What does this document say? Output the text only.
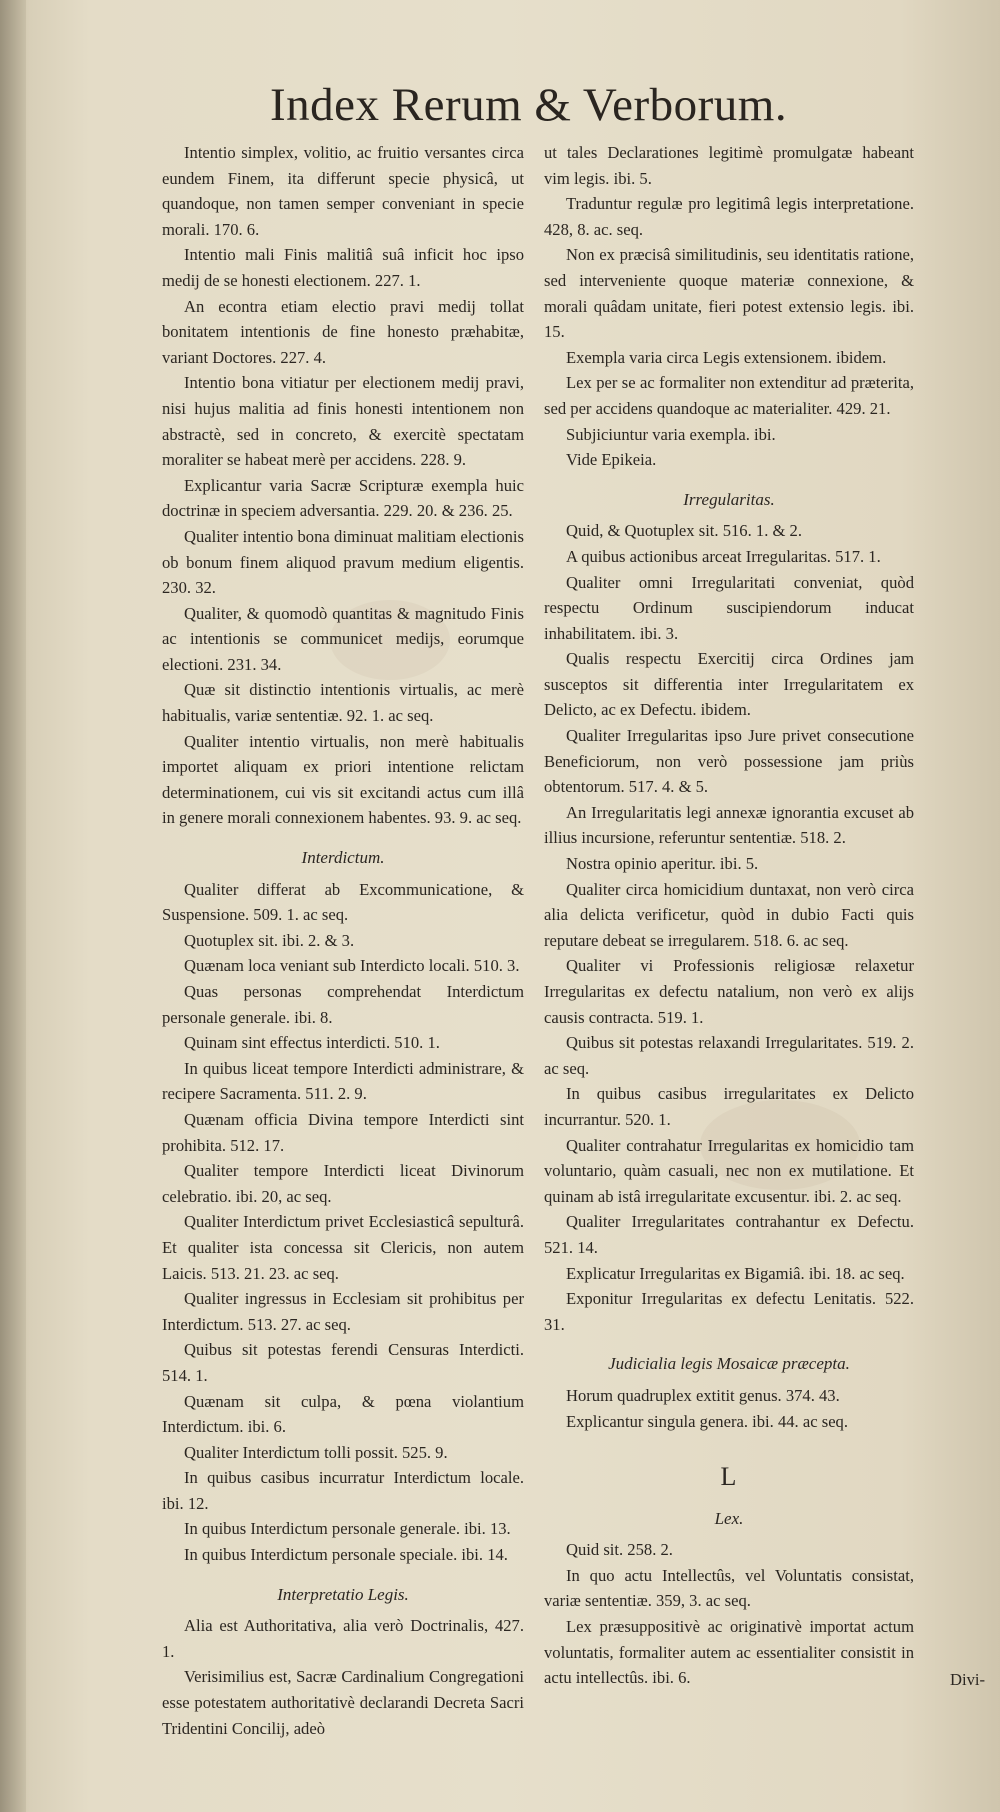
Index Rerum & Verborum.

Intentio simplex, volitio, ac fruitio versantes circa eundem Finem, ita differunt specie physicâ, ut quandoque, non tamen semper conveniant in specie morali. 170. 6.

Intentio mali Finis malitiâ suâ inficit hoc ipso medij de se honesti electionem. 227. 1.

An econtra etiam electio pravi medij tollat bonitatem intentionis de fine honesto præhabitæ, variant Doctores. 227. 4.

Intentio bona vitiatur per electionem medij pravi, nisi hujus malitia ad finis honesti intentionem non abstractè, sed in concreto, & exercitè spectatam moraliter se habeat merè per accidens. 228. 9.

Explicantur varia Sacræ Scripturæ exempla huic doctrinæ in speciem adversantia. 229. 20. & 236. 25.

Qualiter intentio bona diminuat malitiam electionis ob bonum finem aliquod pravum medium eligentis. 230. 32.

Qualiter, & quomodò quantitas & magnitudo Finis ac intentionis se communicet medijs, eorumque electioni. 231. 34.

Quæ sit distinctio intentionis virtualis, ac merè habitualis, variæ sententiæ. 92. 1. ac seq.

Qualiter intentio virtualis, non merè habitualis importet aliquam ex priori intentione relictam determinationem, cui vis sit excitandi actus cum illâ in genere morali connexionem habentes. 93. 9. ac seq.

Interdictum.

Qualiter differat ab Excommunicatione, & Suspensione. 509. 1. ac seq.

Quotuplex sit. ibi. 2. & 3.

Quænam loca veniant sub Interdicto locali. 510. 3.

Quas personas comprehendat Interdictum personale generale. ibi. 8.

Quinam sint effectus interdicti. 510. 1.

In quibus liceat tempore Interdicti administrare, & recipere Sacramenta. 511. 2. 9.

Quænam officia Divina tempore Interdicti sint prohibita. 512. 17.

Qualiter tempore Interdicti liceat Divinorum celebratio. ibi. 20, ac seq.

Qualiter Interdictum privet Ecclesiasticâ sepulturâ. Et qualiter ista concessa sit Clericis, non autem Laicis. 513. 21. 23. ac seq.

Qualiter ingressus in Ecclesiam sit prohibitus per Interdictum. 513. 27. ac seq.

Quibus sit potestas ferendi Censuras Interdicti. 514. 1.

Quænam sit culpa, & pœna violantium Interdictum. ibi. 6.

Qualiter Interdictum tolli possit. 525. 9.

In quibus casibus incurratur Interdictum locale. ibi. 12.

In quibus Interdictum personale generale. ibi. 13.

In quibus Interdictum personale speciale. ibi. 14.

Interpretatio Legis.

Alia est Authoritativa, alia verò Doctrinalis, 427. 1.

Verisimilius est, Sacræ Cardinalium Congregationi esse potestatem authoritativè declarandi Decreta Sacri Tridentini Concilij, adeò

ut tales Declarationes legitimè promulgatæ habeant vim legis. ibi. 5.

Traduntur regulæ pro legitimâ legis interpretatione. 428, 8. ac. seq.

Non ex præcisâ similitudinis, seu identitatis ratione, sed interveniente quoque materiæ connexione, & morali quâdam unitate, fieri potest extensio legis. ibi. 15.

Exempla varia circa Legis extensionem. ibidem.

Lex per se ac formaliter non extenditur ad præterita, sed per accidens quandoque ac materialiter. 429. 21.

Subjiciuntur varia exempla. ibi.

Vide Epikeia.

Irregularitas.

Quid, & Quotuplex sit. 516. 1. & 2.

A quibus actionibus arceat Irregularitas. 517. 1.

Qualiter omni Irregularitati conveniat, quòd respectu Ordinum suscipiendorum inducat inhabilitatem. ibi. 3.

Qualis respectu Exercitij circa Ordines jam susceptos sit differentia inter Irregularitatem ex Delicto, ac ex Defectu. ibidem.

Qualiter Irregularitas ipso Jure privet consecutione Beneficiorum, non verò possessione jam priùs obtentorum. 517. 4. & 5.

An Irregularitatis legi annexæ ignorantia excuset ab illius incursione, referuntur sententiæ. 518. 2.

Nostra opinio aperitur. ibi. 5.

Qualiter circa homicidium duntaxat, non verò circa alia delicta verificetur, quòd in dubio Facti quis reputare debeat se irregularem. 518. 6. ac seq.

Qualiter vi Professionis religiosæ relaxetur Irregularitas ex defectu natalium, non verò ex alijs causis contracta. 519. 1.

Quibus sit potestas relaxandi Irregularitates. 519. 2. ac seq.

In quibus casibus irregularitates ex Delicto incurrantur. 520. 1.

Qualiter contrahatur Irregularitas ex homicidio tam voluntario, quàm casuali, nec non ex mutilatione. Et quinam ab istâ irregularitate excusentur. ibi. 2. ac seq.

Qualiter Irregularitates contrahantur ex Defectu. 521. 14.

Explicatur Irregularitas ex Bigamiâ. ibi. 18. ac seq.

Exponitur Irregularitas ex defectu Lenitatis. 522. 31.

Judicialia legis Mosaicæ præcepta.

Horum quadruplex extitit genus. 374. 43.

Explicantur singula genera. ibi. 44. ac seq.

L
Lex.

Quid sit. 258. 2.

In quo actu Intellectûs, vel Voluntatis consistat, variæ sententiæ. 359, 3. ac seq.

Lex præsuppositivè ac originativè importat actum voluntatis, formaliter autem ac essentialiter consistit in actu intellectûs. ibi. 6.	Divi-
